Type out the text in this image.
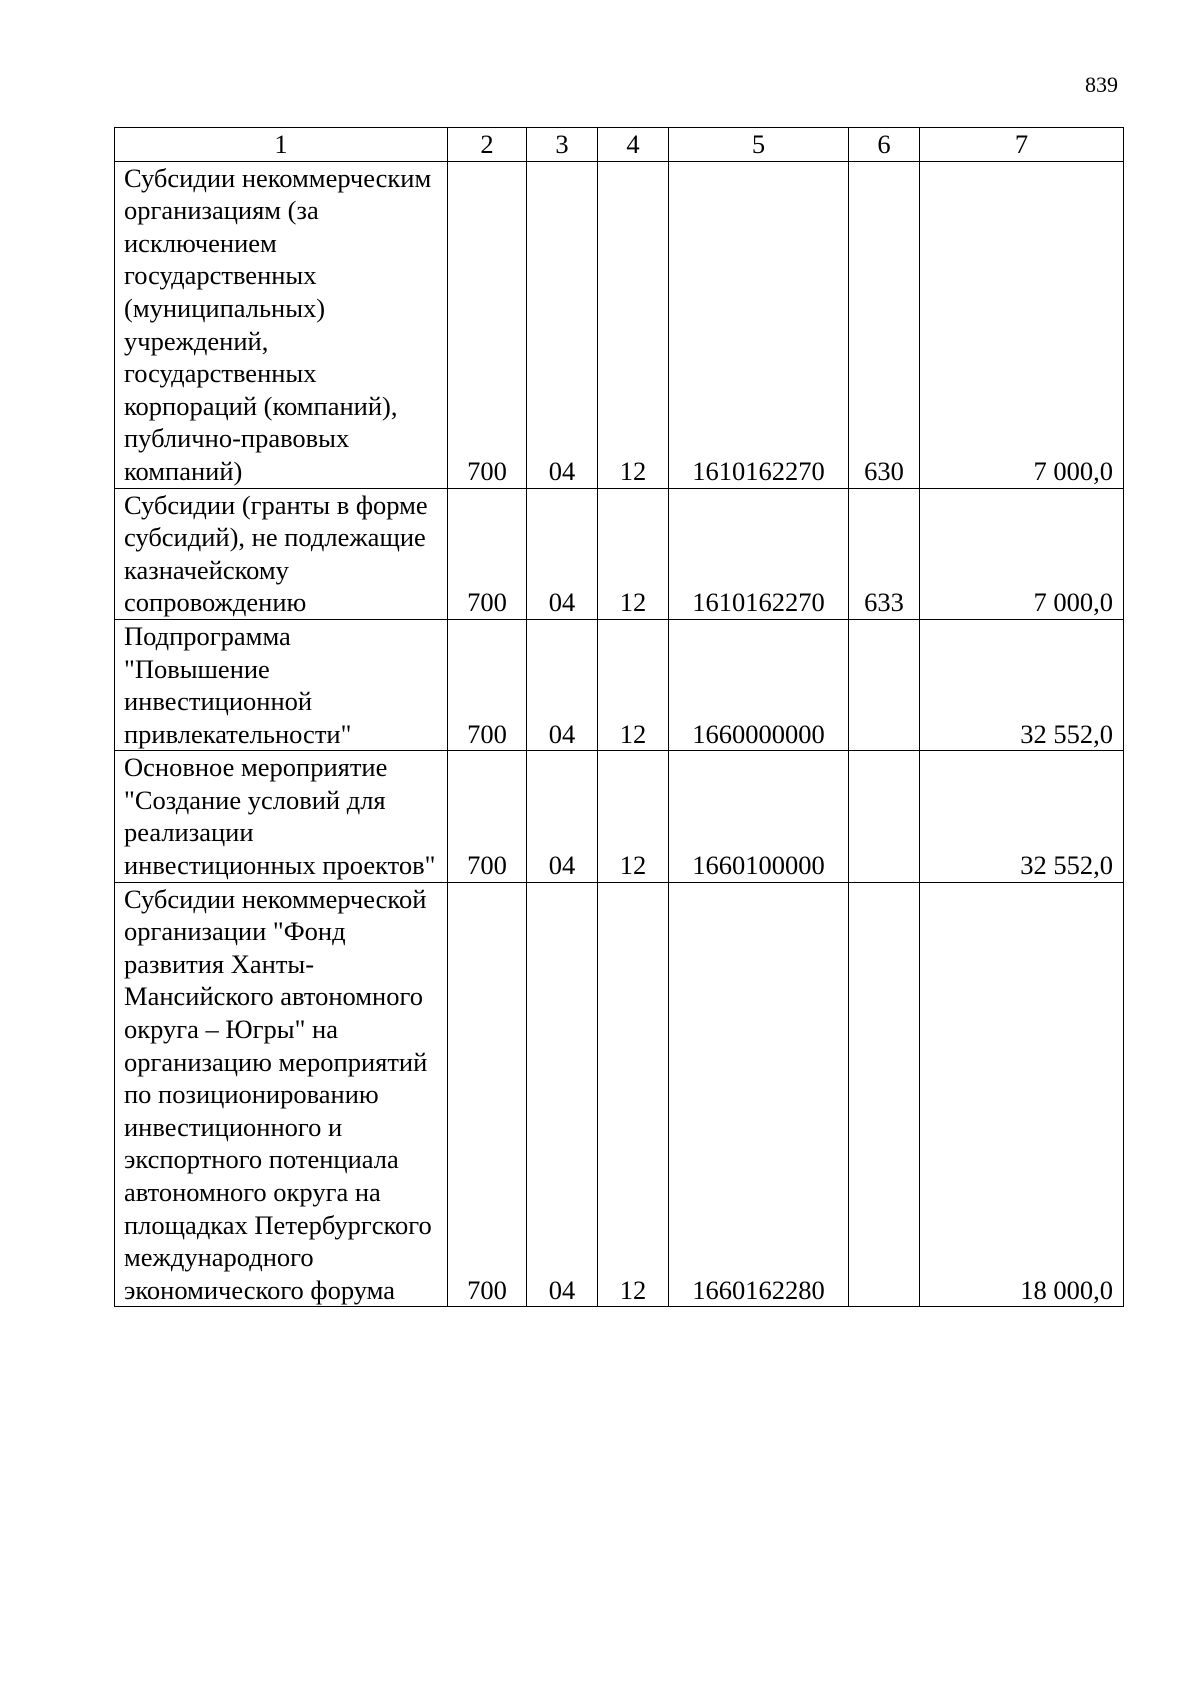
839
1	2	3	4	5	6	7
Субсидии некоммерческим организациям (за исключением государственных (муниципальных) учреждений, государственных корпораций (компаний), публично-правовых компаний)	700	04	12	1610162270	630	7 000,0
Субсидии (гранты в форме субсидий), не подлежащие казначейскому сопровождению	700	04	12	1610162270	633	7 000,0
Подпрограмма "Повышение инвестиционной привлекательности"	700	04	12	1660000000		32 552,0
Основное мероприятие "Создание условий для реализации инвестиционных проектов"	700	04	12	1660100000		32 552,0
Субсидии некоммерческой организации "Фонд развития Ханты-Мансийского автономного округа – Югры" на организацию мероприятий по позиционированию инвестиционного и экспортного потенциала автономного округа на площадках Петербургского международного экономического форума	700	04	12	1660162280		18 000,0
